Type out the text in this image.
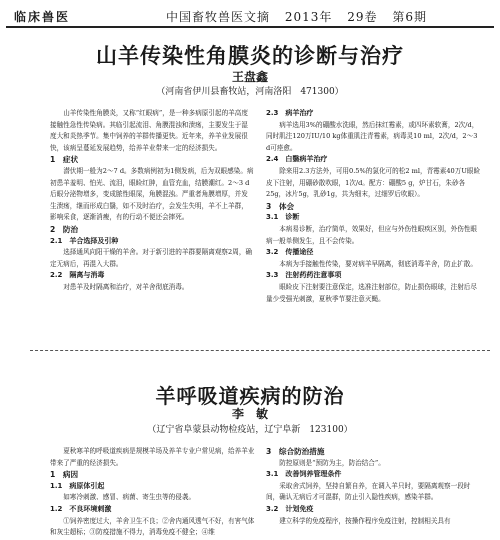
临床兽医	中国畜牧兽医文摘 2013年 29卷 第6期
山羊传染性角膜炎的诊断与治疗
王盘鑫
（河南省伊川县畜牧站，河南洛阳　471300）

山羊传染性角膜炎，又称“红眼病”，是一种多病原引起的羊高度接触性急性传染病。其临引起流泪、角膜混浊和溃疡，主要发生于湿度大和炎热季节。集中饲养的羊群传播更快。近年来，养羊业发展很快，该病呈蔓延发展趋势，给养羊业带来一定的经济损失。

1　症状

潜伏期一般为2～7 d。多数病例初为1侧发病，后为双眼感染。病初患羊羞明、怕光、流泪，眼睑红肿，血管充血，结膜潮红。2～3 d后眼分泌物增多，变成脓性眼屎，角膜混浊。严重者角膜增厚，并发生溃疡，继而形成白翳，如不及时治疗，会发生失明，羊不上羊群，影响采食，逐渐消瘦，有的行动不便还会摔死。

2　防治

2.1　羊合选择及引种

选择通风向阳干燥的羊舍。对于新引进的羊群要隔离观察2周，确定无病后，再混入大群。

2.2　隔离与消毒

对患羊及时隔离和治疗，对羊舍彻底消毒。

2.3　病羊治疗

病羊选用3%的硼酸水洗眼，然后抹红霉素，或四环素软膏，2次/d，同时肌注120万IU/10 kg体重肌注青霉素，病毒灵10 ml，2次/d，2～3 d可痊愈。

2.4　白翳病羊治疗

除来用2.3方法外，可用0.5%的氯化可的松2 ml，青霉素40万U眼睑皮下注射，用硼砂散吹眼，1次/d。配方：硼酸5 g，炉甘石，朱砂各25g，冰片5g，乳砂1g，共为细末，过细罗后吹眼）。

3　体会

3.1　诊断

本病易诊断，治疗简单，效果好，但应与外伤性眼疾区别，外伤性眼病一般单侧发生，且不会传染。

3.2　传播途径

本病为手接触性传染，要对病羊早隔离，彻底消毒羊舍，防止扩散。

3.3　注射药药注意事项

眼睑皮下注射要注意保定，选准注射部位，防止损伤眼球，注射后尽量少受强光刺激，夏秋季节要注意灭蝇。

羊呼吸道疾病的防治
李　敏
（辽宁省阜蒙县动物检疫站，辽宁阜新　123100）

夏秋寒羊的呼吸道疾病是规模羊场及养羊专业户常见病，给养羊业带来了严重的经济损失。

1　病因

1.1　病原体引起

如寒冷刺激、感冒、病菌、寄生虫等的侵袭。

1.2　不良环境刺激

①饲养密度过大，羊舍卫生不良；②舍内通风透气不好，有害气体和灰尘超标；③防疫措施不得力，消毒免疫不健全；④维

3　综合防治措施

防控原则是“预防为主，防治结合”。

3.1　改善饲养管理条件

采取舍式饲养，坚持自繁自养，在调入羊只时，要隔离观察一段时间，确认无病后才可混群，防止引入隐性疾病，感染羊群。

3.2　计划免疫

建立科学的免疫程序，按操作程序免疫注射，控制相关具有
